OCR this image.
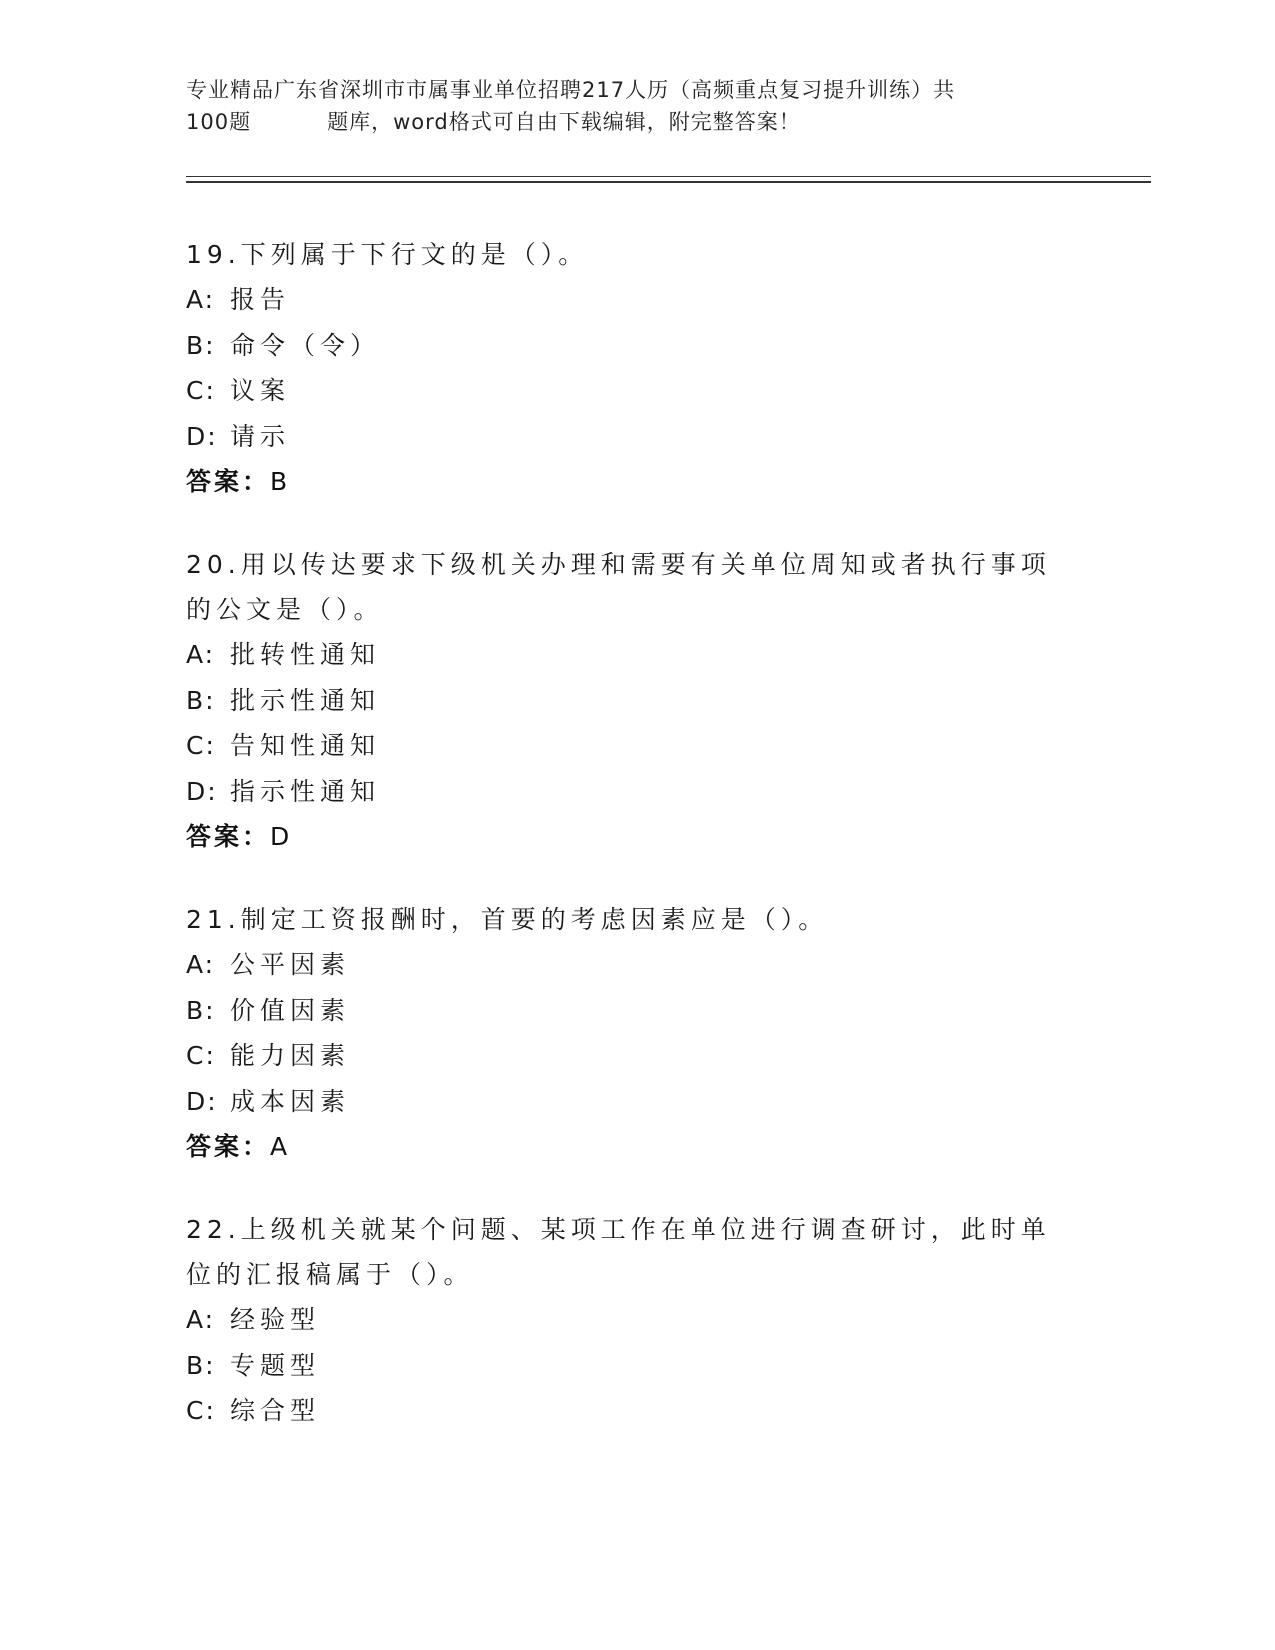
专业精品广东省深圳市市属事业单位招聘217人历（高频重点复习提升训练）共
100题	题库，word格式可自由下载编辑，附完整答案！
19.下列属于下行文的是（）。
A: 报告
B: 命令（令）
C: 议案
D: 请示
答案：B
20.用以传达要求下级机关办理和需要有关单位周知或者执行事项的公文是（）。
A: 批转性通知
B: 批示性通知
C: 告知性通知
D: 指示性通知
答案：D
21.制定工资报酬时，首要的考虑因素应是（）。
A: 公平因素
B: 价值因素
C: 能力因素
D: 成本因素
答案：A
22.上级机关就某个问题、某项工作在单位进行调查研讨，此时单位的汇报稿属于（）。
A: 经验型
B: 专题型
C: 综合型
